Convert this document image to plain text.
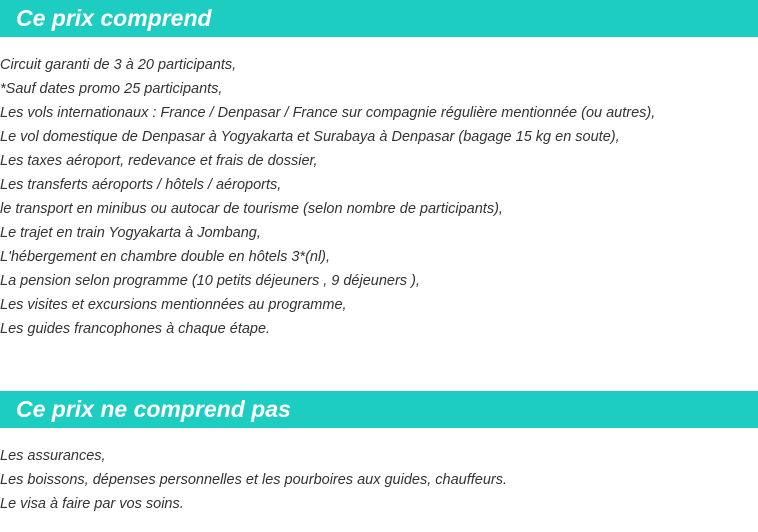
Ce prix comprend
Circuit garanti de 3 à 20 participants,
*Sauf dates promo 25 participants,
Les vols internationaux : France / Denpasar / France sur compagnie régulière mentionnée (ou autres),
Le vol domestique de Denpasar à Yogyakarta et Surabaya à Denpasar (bagage 15 kg en soute),
Les taxes aéroport, redevance et frais de dossier,
Les transferts aéroports / hôtels / aéroports,
le transport en minibus ou autocar de tourisme (selon nombre de participants),
Le trajet en train Yogyakarta à Jombang,
L'hébergement en chambre double en hôtels 3*(nl),
La pension selon programme (10 petits déjeuners , 9 déjeuners ),
Les visites et excursions mentionnées au programme,
Les guides francophones à chaque étape.
Ce prix ne comprend pas
Les assurances,
Les boissons, dépenses personnelles et les pourboires aux guides, chauffeurs.
Le visa à faire par vos soins.
